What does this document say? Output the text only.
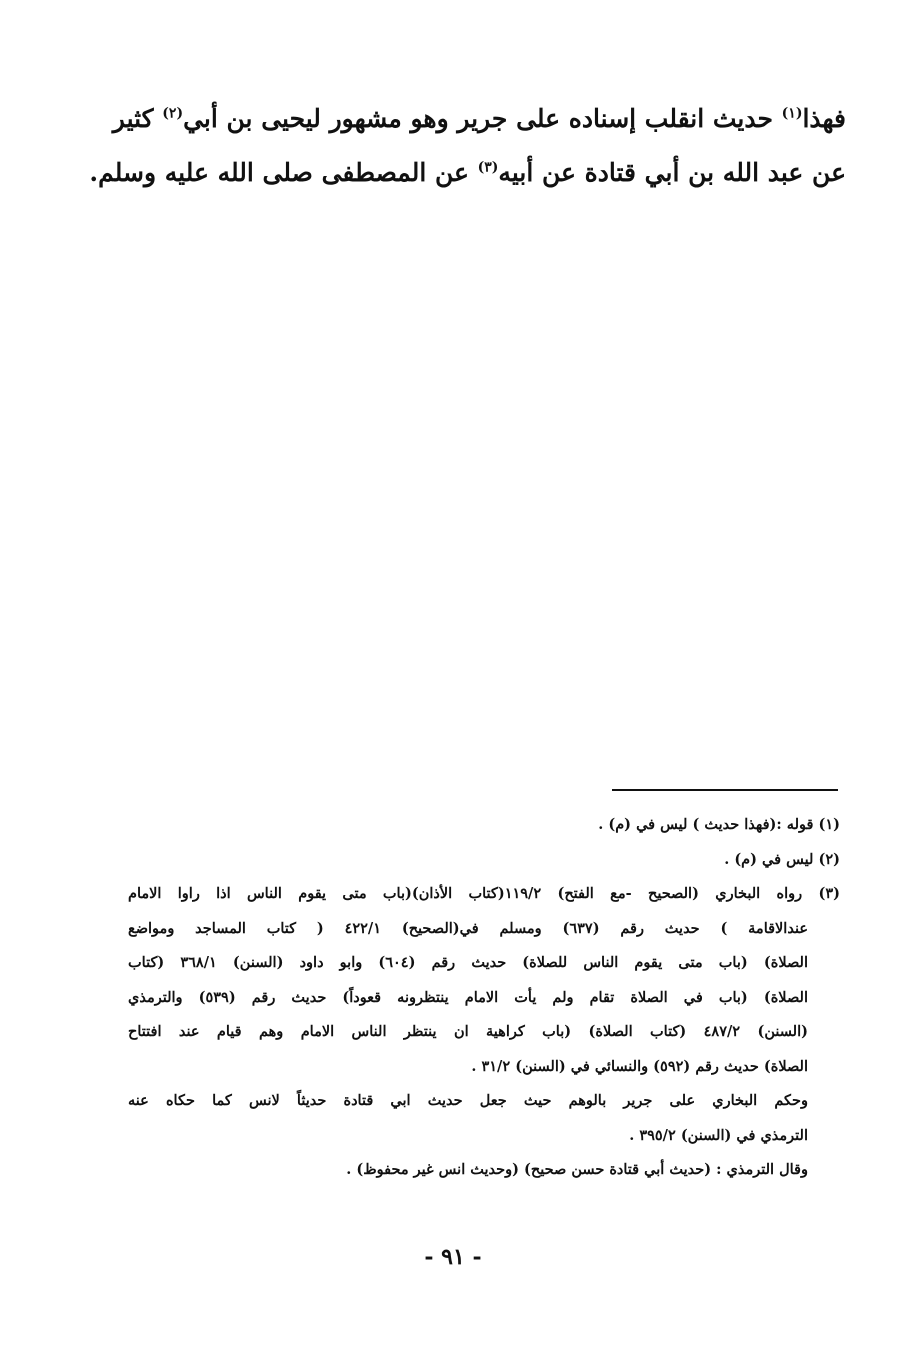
فهذا$^{(١)}$ حديث انقلب إسناده على جرير وهو مشهور ليحيى بن أبي$^{(٢)}$ كثير
عن عبد الله بن أبي قتادة عن أبيه$^{(٣)}$ عن المصطفى صلى الله عليه وسلم.
(١) قوله :(فهذا حديث ) ليس في (م) .
(٢) ليس في (م) .
(٣) رواه البخاري (الصحيح -مع الفتح) ١١٩/٢(كتاب الأذان)(باب متى يقوم الناس اذا راوا الامام
عندالاقامة ) حديث رقم (٦٣٧) ومسلم في(الصحيح) ٤٢٢/١ ( كتاب المساجد ومواضع
الصلاة) (باب متى يقوم الناس للصلاة) حديث رقم (٦٠٤) وابو داود (السنن) ٣٦٨/١ (كتاب
الصلاة) (باب في الصلاة تقام ولم يأت الامام ينتظرونه قعوداً) حديث رقم (٥٣٩) والترمذي
(السنن) ٤٨٧/٢ (كتاب الصلاة) (باب كراهية ان ينتظر الناس الامام وهم قيام عند افتتاح
الصلاة) حديث رقم (٥٩٢) والنسائي في (السنن) ٣١/٢ .
وحكم البخاري على جرير بالوهم حيث جعل حديث ابي قتادة حديثاً لانس كما حكاه عنه
الترمذي في (السنن) ٣٩٥/٢ .
وقال الترمذي : (حديث أبي قتادة حسن صحيح) (وحديث انس غير محفوظ) .
- ٩١ -
